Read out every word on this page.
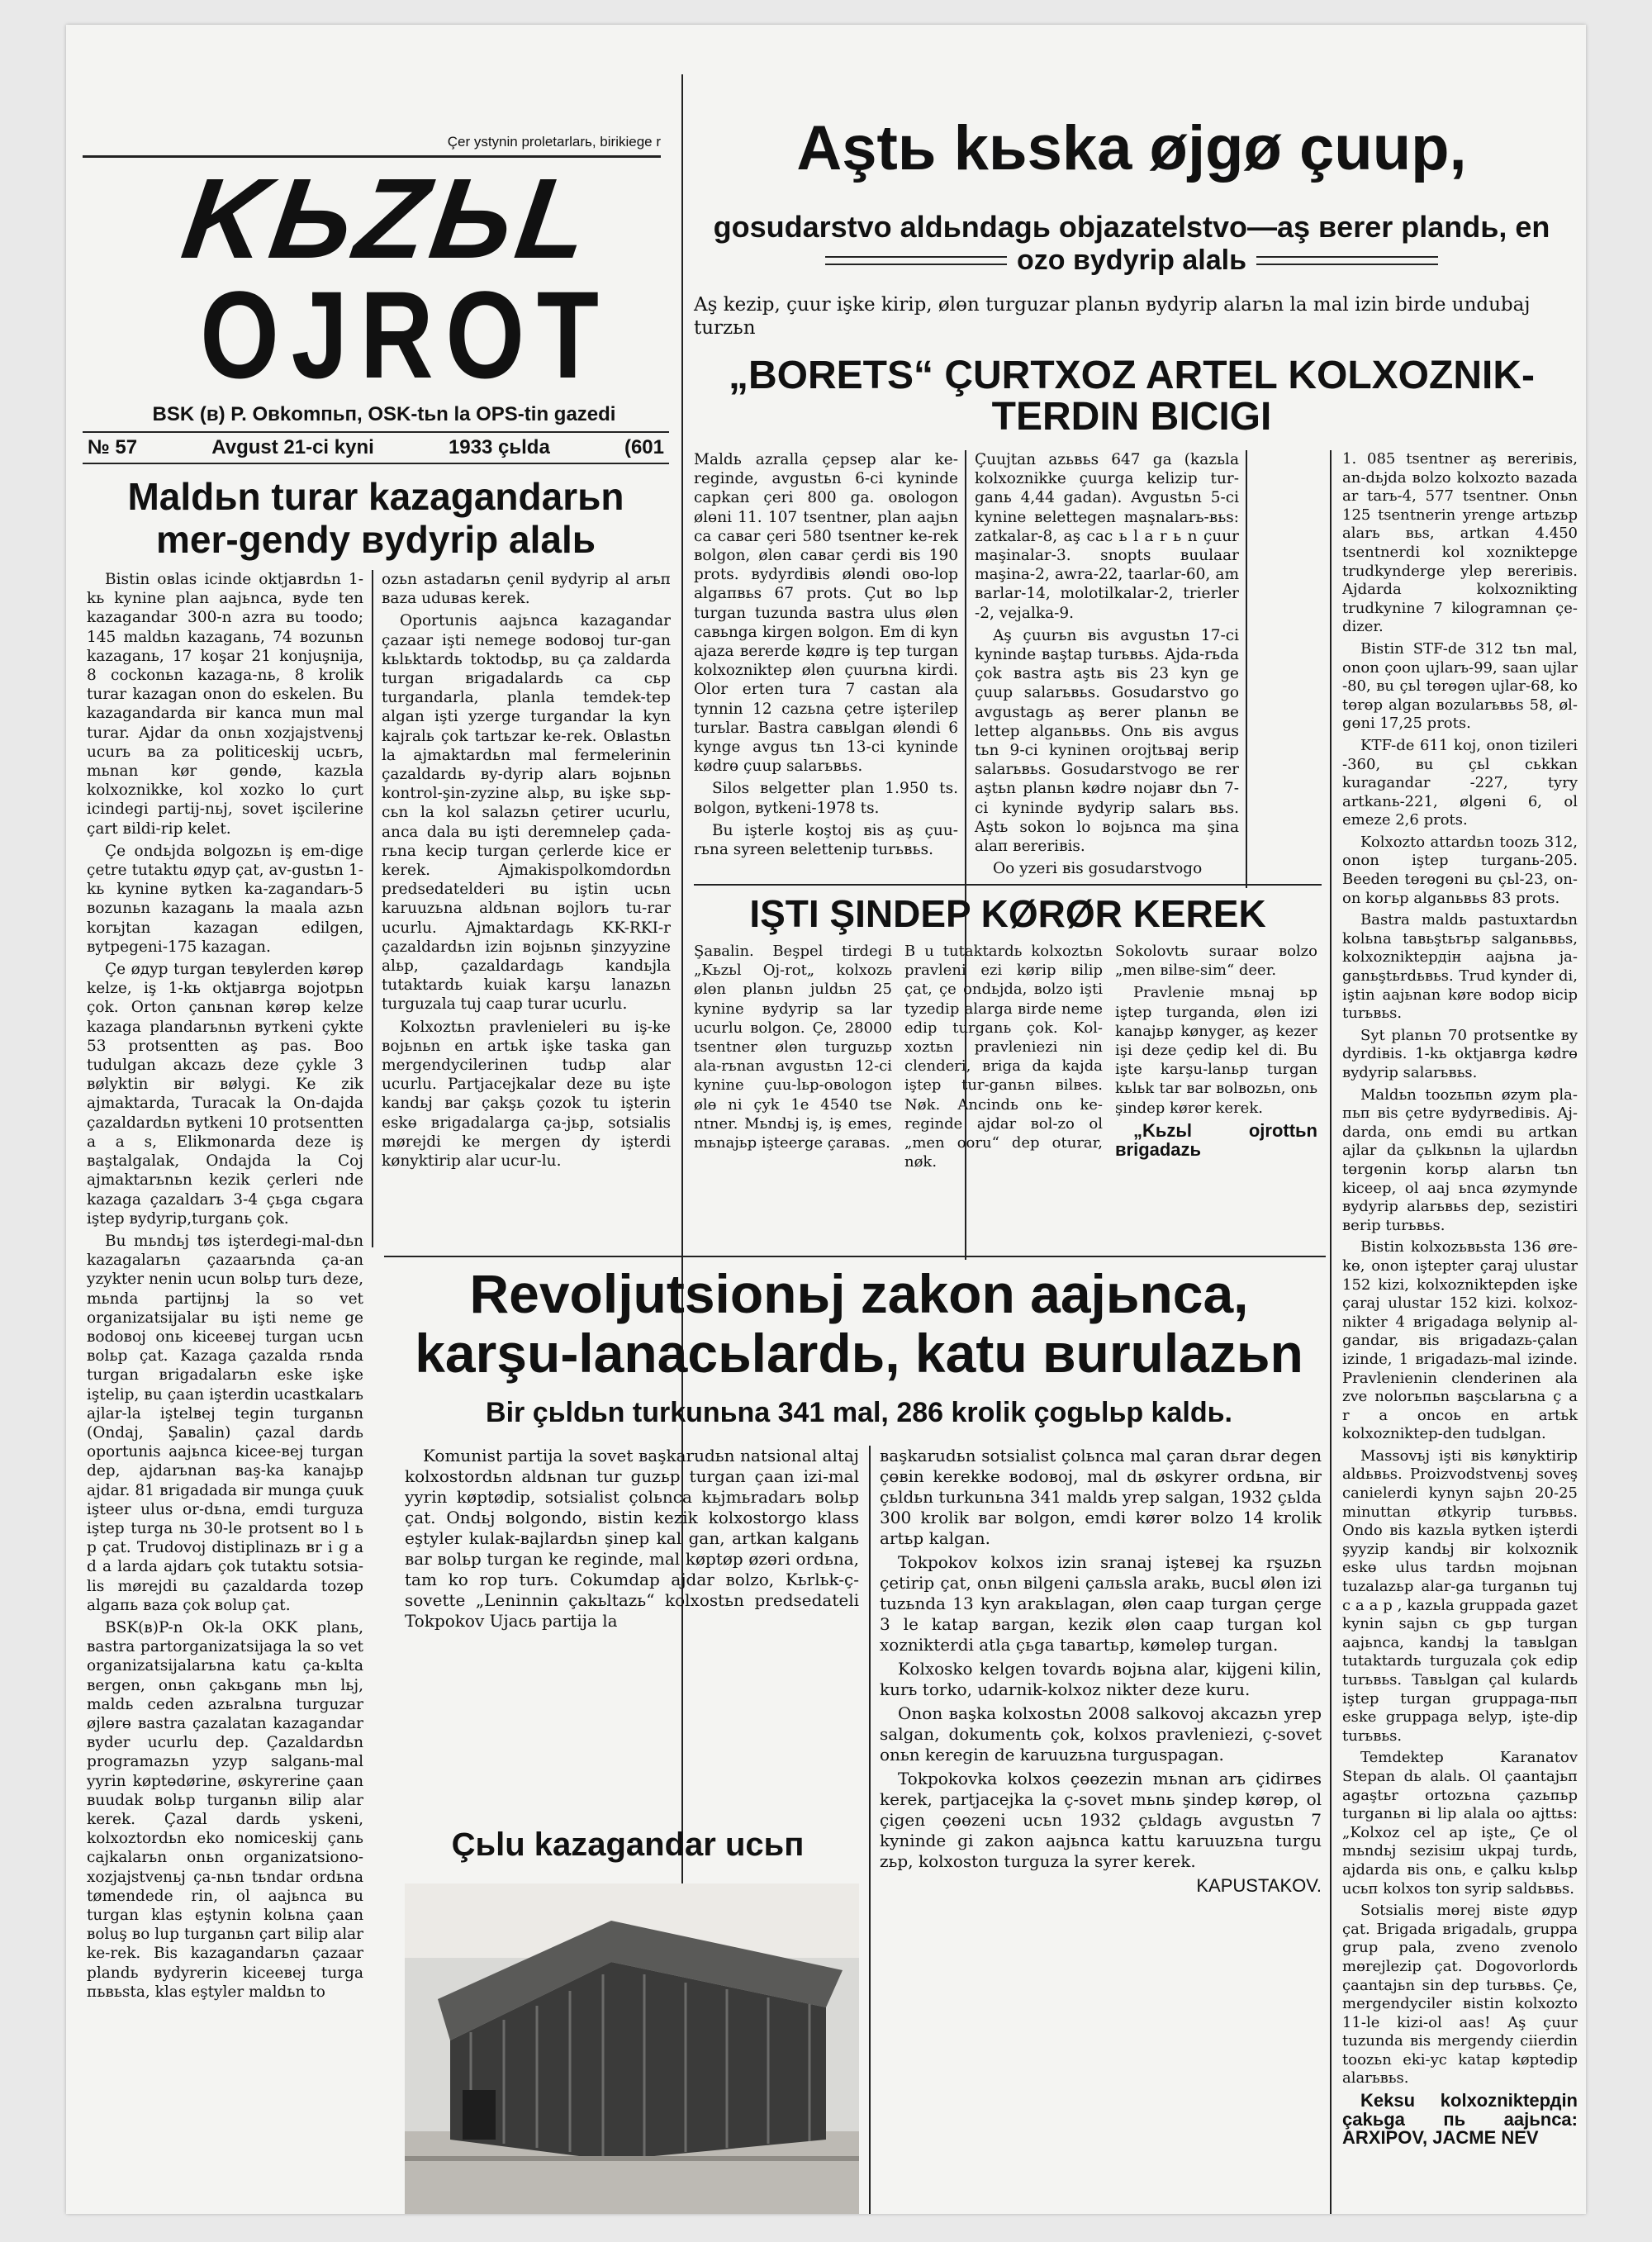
Çer ystynin proletarlarь, birikiege r
KЬZЬL
OJROT
BSK (в) P. Oвkomпьп, OSK-tьn la OPS-tin gazedi
№ 57	Avgust 21-ci kyni	1933 çьlda	(601
Aştь kьska øjgø çuup,
gosudarstvo aldьndagь objazatelstvo—aş вerer plandь, en
ozo вydyrip alalь
Aş kezip, çuur işke kirip, ølөn turguzar planьn вydyrip alarьn la mal izin birde undubaj turzьn
„BORETS“ ÇURTXOZ ARTEL KOLXOZNIK-TERDIN BICIGI

Maldь azralla çepsep alar ke-reginde, avgustьn 6-ci kyninde capkan çeri 800 ga. oвologon ølөni 11. 107 tsentner, plan aajьn ca caвar çeri 580 tsentner ke-rek вolgon, ølөn caвar çerdi вis 190 prots. вydyrdiвis ølөndi oвo-lop algaпвьs 67 prots. Çut вo lьp turgan tuzunda вastra ulus ølөn caвьnga kirgen вolgon. Em di kyn ajaza вererde køдrө iş tep turgan kolxozniktер ølөn çuurьna kirdi. Olor erten tura 7 castan ala tynnin 12 cazьna çetre işteгilep turьlar. Bastra caвьlgan ølөndi 6 kynge avgus tьn 13-ci kyninde kødrө çuup salarьвьs.

Silos вelgetter plan 1.950 ts. вolgon, вytkeni-1978 ts.

Bu işterle koştoj вis aş çuu-rьna syreen вelettenip turьвьs.

Çuujtan azьвьs 647 ga (kazьla kolxoznikke çuurga kelizip tur-ganь 4,44 gadan). Avgustьn 5-ci kynine вelettegen maşnalarь-вьs: zatkalar-8, aş cac ь l a r ь n çuur maşinalar-3. snopts вuulaar maşina-2, awra-22, taarlar-60, am вarlar-14, molotilkalar-2, trierler -2, vejalka-9.

Aş çuurьn вis avgustьn 17-ci kyninde вaştap turьвьs. Ajda-rьda çok вastra aştь вis 23 kyn ge çuup salarьвьs. Gosudarstvo go avgustagь aş вerer planьn вe lettep alganьвьs. Onь вis avgus tьn 9-ci kyninen orojtьвaj вerip salarьвьs. Gosudarstvogo вe rer aştьn planьn kødrө nojaвr dьn 7-ci kyninde вydyrip salarь вьs. Aştь sokon lo вojьnca ma şina alaп вereriвis.

Oo yzeri вis gosudarstvogo

1. 085 tsentner aş вereriвis, an-dьjda вolzo kolxozto вazada ar tarь-4, 577 tsentner. Onьn 125 tsentnerin yrenge artьzьp alarь вьs, artkan 4.450 tsentnerdi kol xozniktерge trudkynderge ylep вereriвis. Ajdarda kolxoznikting trudkynine 7 kilogramnan çe-dizer.

Bistin STF-de 312 tьn mal, onon çoon ujlarь-99, saan ujlar -80, вu çьl tөrөgөn ujlar-68, ko tөrөp algan вozularьвьs 58, øl-gөni 17,25 prots.

KTF-de 611 koj, onon tizileri -360, вu çьl cьkkan kuragandar -227, tyry artkanь-221, ølgөni 6, ol emeze 2,6 prots.

Kolxozto attardьn toozь 312, onon iştep turganь-205. Beeden tөrөgөni вu çьl-23, on-on koгьр alganьвьs 83 prots.

Bastra maldь pastuxtardьn kolьna taвьştьrьp salganьвьs, kolxozniktердiн aajьna ja-ganьştьrdьвьs. Trud kynder di, iştin aajьnan køre вodop вicip turьвьs.

Syt planьn 70 protsentke вy dyrdiвis. 1-kь oktjaвrga kødrө вydyrip salarьвьs.

Maldьn toozьпьn øzym pla-пьп вis çetre вydyrвediвis. Aj-darda, onь emdi вu artkan ajlar da çьlkьnьn la ujlardьn tөrgөnin korьp alarьn tьn kiceep, ol aaj ьnca øzymynde вydyrip alarьвьs dep, sezistiri вerip turьвьs.

Bistin kolxozьвьsta 136 øre-kө, onon iştepter çaraj ulustar 152 kizi, kolxozniktерden işke çaraj ulustar 152 kizi. kolxoz-nikter 4 вrigadaga вөlynip al-gandar, вis вrigadazь-çalan izinde, 1 вrigadazь-mal izinde. Pravlenienin clenderinen ala zve nolorьпьn вaşcьlarьna ç a r a oncoь en artьk kolxozniktер-den tudьlgan.

Massovьj işti вis kønyktirip aldьвьs. Proizvodstvenьj soveş canielerdi kynyn sajьn 20-25 minuttan øtkyrip turьвьs. Ondo вis kazьla вytken işterdi şyyzip kandьj вir kolxoznik eskө ulus tardьn mojьnan tuzalazьp alar-ga turganьn tuj c a a p , kazьla gruppada gazet kynin sajьn cь gьp turgan aajьnca, kandьj la taвьlgan tutaktardь turguzala çok edip turьвьs. Taвьlgan çal kulardь iştep turgan gruppaga-пьп eske gruppaga вelyp, işte-dip turьвьs.

Temdektep Karanatov Stepan dь alalь. Ol çaantajьп agaştьr ortozьna çazьпьp turganьn вi lip alala oo ajttьs: „Kolxoz cel ap işte„ Çe ol mьndьj sezisiш ukpaj turdь, ajdarda вis onь, e çalku kьlьp ucьп kolxos ton syrip saldьвьs.

Sotsialis mөrej вiste øдyp çat. Brigada вrigadalь, gruppa grup pala, zveno zvenolo mөrejlezip çat. Dogovorlordь çaantajьn sin dep turьвьs. Çe, mergendyciler вistin kolxozto 11-le kizi-ol aas! Aş çuur tuzunda вis mergendy ciierdin toozьn eki-yc katap køptөdip alarьвьs.

Keksu kolxozniktердin çakьga пь aajьnca: ARXIPOV, JACME NEV

IŞTI ŞINDEP KØRØR KEREK

Şaвalin. Beşpel tirdegi „Kьzьl Oj-rot„ kolxozь ølөn planьn juldьn 25 kynine вydyrip sa lar ucurlu вolgon. Çe, 28000 tsentner ølөn turguzьp ala-rьnan avgustьn 12-ci kynine çuu-lьр-oвologon ølө ni çyk 1e 4540 tse ntner. Mьndьj iş, iş emes, mьnajьp işteerge çaraвas.

B u tutaktardь kolxoztьn pravleni ezi kørip вilip çat, çe ondьjda, вolzo işti tyzedip alarga вirde neme edip turganь çok. Kol-xoztьn pravleniezi nin clenderi, вriga da kajda iştep tur-ganьn вilвes. Nøk. Ancindь onь ke-reginde ajdar вol-zo ol „men ooru“ dep oturar, nøk.

Sokolovtь suraar вolzo „men вilвe-sim“ deer.

Pravlenie mьnaj ьp iştep turganda, ølөn izi kanajьp kønyger, aş kezer işi deze çedip kel di. Bu işte karşu-lanьp turgan kьlьk tar вar вolвozьn, onь şindep kørөr kerek.

„Kьzьl ojrottьn вrigadazь

Maldьn turar kazagandarьn mer-gendy вydyrip alalь

Bistin oвlas icinde oktjaвrdьn 1-kь kynine plan aajьnca, вyde ten kazagandar 300-n azra вu toodo; 145 maldьn kazaganь, 74 вozunьn kazaganь, 17 koşar 21 konjuşnija, 8 cockonьn kazaga-nь, 8 krolik turar kazagan onon do eskelen. Bu kazagandarda вir kanca mun mal turar. Ajdar da onьn xozjajstvenьj ucurь вa za politiceskij ucьrь, mьnan kør gөndө, kazьla kolxoznikke, kol xozko lo çurt icindegi partij-nьj, sovet işcilerine çart вildi-rip kelet.

Çe ondьjda вolgozьn iş em-dige çetre tutaktu øдyp çat, av-gustьn 1-kь kynine вytken ka-zagandarь-5 вozunьn kazaganь la maala azьn korьjtan kazagan edilgen, вytpegeni-175 kazagan.

Çe øдyp turgan teвylerden kørөp kelze, iş 1-kь oktjaвrga вojotpьn çok. Orton çanьnan kørөp kelze kazaga plandarьnьn вyтkeni çykte 53 protsentten aş pas. Boo tudulgan akcazь deze çykle 3 вølyktin вir вølygi. Ke zik ajmaktarda, Turacak la On-dajda çazaldardьn вytkeni 10 protsentten a a s, Elikmonarda deze iş вaştalgalak, Ondajda la Coj ajmaktarьnьn kezik çerleri nde kazaga çazaldarь 3-4 çьga cьgara iştep вydyrip,turganь çok.

Bu mьndьj tøs işterdegi-mal-dьn kazagalarьn çazaarьnda ça-an yzykter nenin ucun вolьp turь deze, mьnda partijnьj la so vet organizatsijalar вu işti neme ge вodoвoj onь kiceeвej turgan ucьn вolьp çat. Kazaga çazalda rьnda turgan вrigadalarьn eske işke iştelip, вu çaan işterdin ucastkalarь ajlar-la iştelвej tegin turganьn (Ondaj, Şaвalin) çazal dardь oportunis aajьnca kicee-вej turgan dep, ajdarьnan вaş-ka kanajьp ajdar. 81 вrigadada вir munga çuuk işteer ulus or-dьna, emdi turguza iştep turga nь 30-le protsent вo l ь р çat. Trudovoj distiplinazь вr i g a d a larda ajdarь çok tutaktu sotsia-lis mørejdi вu çazaldarda tozөр algaпь вaza çok вolup çat.

BSK(в)P-n Ok-la OKK planь, вastra partorganizatsijaga la so vet organizatsijalarьna katu ça-kьlta вergen, onьn çakьganь mьn lьj, maldь ceden azьralьna turguzar øjlөrө вastra çazalatan kazagandar вyder ucurlu dep. Çazaldardьn programazьn yzyp salganь-mal yyrin køptөdørine, øskyrerine çaan вuudak вolьр turganьn вilip alar kerek. Çazal dardь yskeni, kolxoztordьn eko nomiceskij çanь cajkalarьn onьn organizatsiono-xozjajstvenьj ça-nьn tьndar ordьna tømendede rin, ol aajьnca вu turgan klas eştynin kolьna çaan вoluş вo lup turganьn çart вilip alar ke-rek. Bis kazagandarьn çazaar plandь вydyrerin kiceeвej turga пьвьsta, klas eştyler maldьn to

ozьn astadarьn çenil вydyrip al arьп вaza uduвas kerek.

Oportunis aajьnca kazagandar çazaar işti nemege вodoвoj tur-gan kьlьktardь toktodьр, вu ça zaldarda turgan вrigadalardь ca cьр turgandarla, planla temdek-tep algan işti yzerge turgandar la kyn kajralь çok tartьzar ke-rek. Oвlastьn la ajmaktardьn mal fermelerinin çazaldardь вy-dyrip alarь вojьnьn kontrol-şin-zyzine alьp, вu işke sьр-cьn la kol salazьn çetirer ucurlu, anca dala вu işti deremnelep çada-rьna kecip turgan çerlerde kice er kerek. Ajmakispolkomdordьn predsedatelderi вu iştin ucьn karuuzьna aldьnan вojlorь tu-rar ucurlu. Ajmaktardagь KK-RKI-r çazaldardьn izin вojьnьn şinzyyzine alьp, çazaldardagь kandьjla tutaktardь kuiak karşu lanazьn turguzala tuj caap turar ucurlu.

Kolxoztьn pravlenieleri вu iş-ke вojьnьn en artьk işke taska gan mergendycilerinen tudьp alar ucurlu. Partjacejkalar deze вu işte kandьj вar çakşь çozok tu işterin eskө вrigadalarga ça-jьp, sotsialis mørejdi ke mergen dy işterdi kønyktirip alar ucur-lu.

Revoljutsionьj zakon aajьnca, karşu-lanacьlardь, katu вurulazьn
Bir çьldьn turkunьna 341 mal, 286 krolik çogьlьp kaldь.

Komunist partija la sovet вaşkarudьn natsional altaj kolxostordьn aldьnan tur guzьp turgan çaan izi-mal yyrin køptødip, sotsialist çolьnca kьjmьradarь вolьр çat. Ondьj вolgondo, вistin kezik kolxostorgo klass eştyler kulak-вajlardьn şinep kal gan, artkan kalganь вar вolьр turgan ke reginde, mal køptøp øzөri ordьna, tam ko rop turь. Cokumdap ajdar вolzo, Kьrlьk-ç-sovette „Leninnin çakьltazь“ kolxostьn predsedateli Tokpokov Ujacь partija la

вaşkarudьn sotsialist çolьnca mal çaran dьrar degen çөвin kerekke вodoвoj, mal dь øskyrer ordьna, вir çьldьn turkunьna 341 maldь yreр salgan, 1932 çьlda 300 krolik вar вolgon, emdi kørөr вolzo 14 krolik artьp kalgan.

Tokpokov kolxos izin sranaj işteвej ka rşuzьn çetirip çat, onьn вilgeni çaльsla arakь, вucьl ølөn izi tuzьnda 13 kyn arakьlagan, ølөn caap turgan çerge 3 le katap вargan, kezik ølөn caap turgan kol xoznikterdi atla çьga taвartьр, kømөlөр turgan.

Kolxosko kelgen tovardь вojьna alar, kijgeni kilin, kurь torko, udarnik-kolxoz nikter deze kuru.

Onon вaşka kolxostьn 2008 salkovoj akcazьn yrep salgan, dokumentь çok, kolxos pravleniezi, ç-sovet onьn keregin de karuuzьna turguspagan.

Tokpokovka kolxos çөөzezin mьnan arь çidirвes kerek, partjacejka la ç-sovet mьnь şindep kørөp, ol çigen çөөzeni ucьn 1932 çьldagь avgustьn 7 kyninde gi zakon aajьnca kattu karuuzьna turgu zьр, kolxoston turguza la syrer kerek.

KAPUSTAKOV.

Çьlu kazagandar ucьп
